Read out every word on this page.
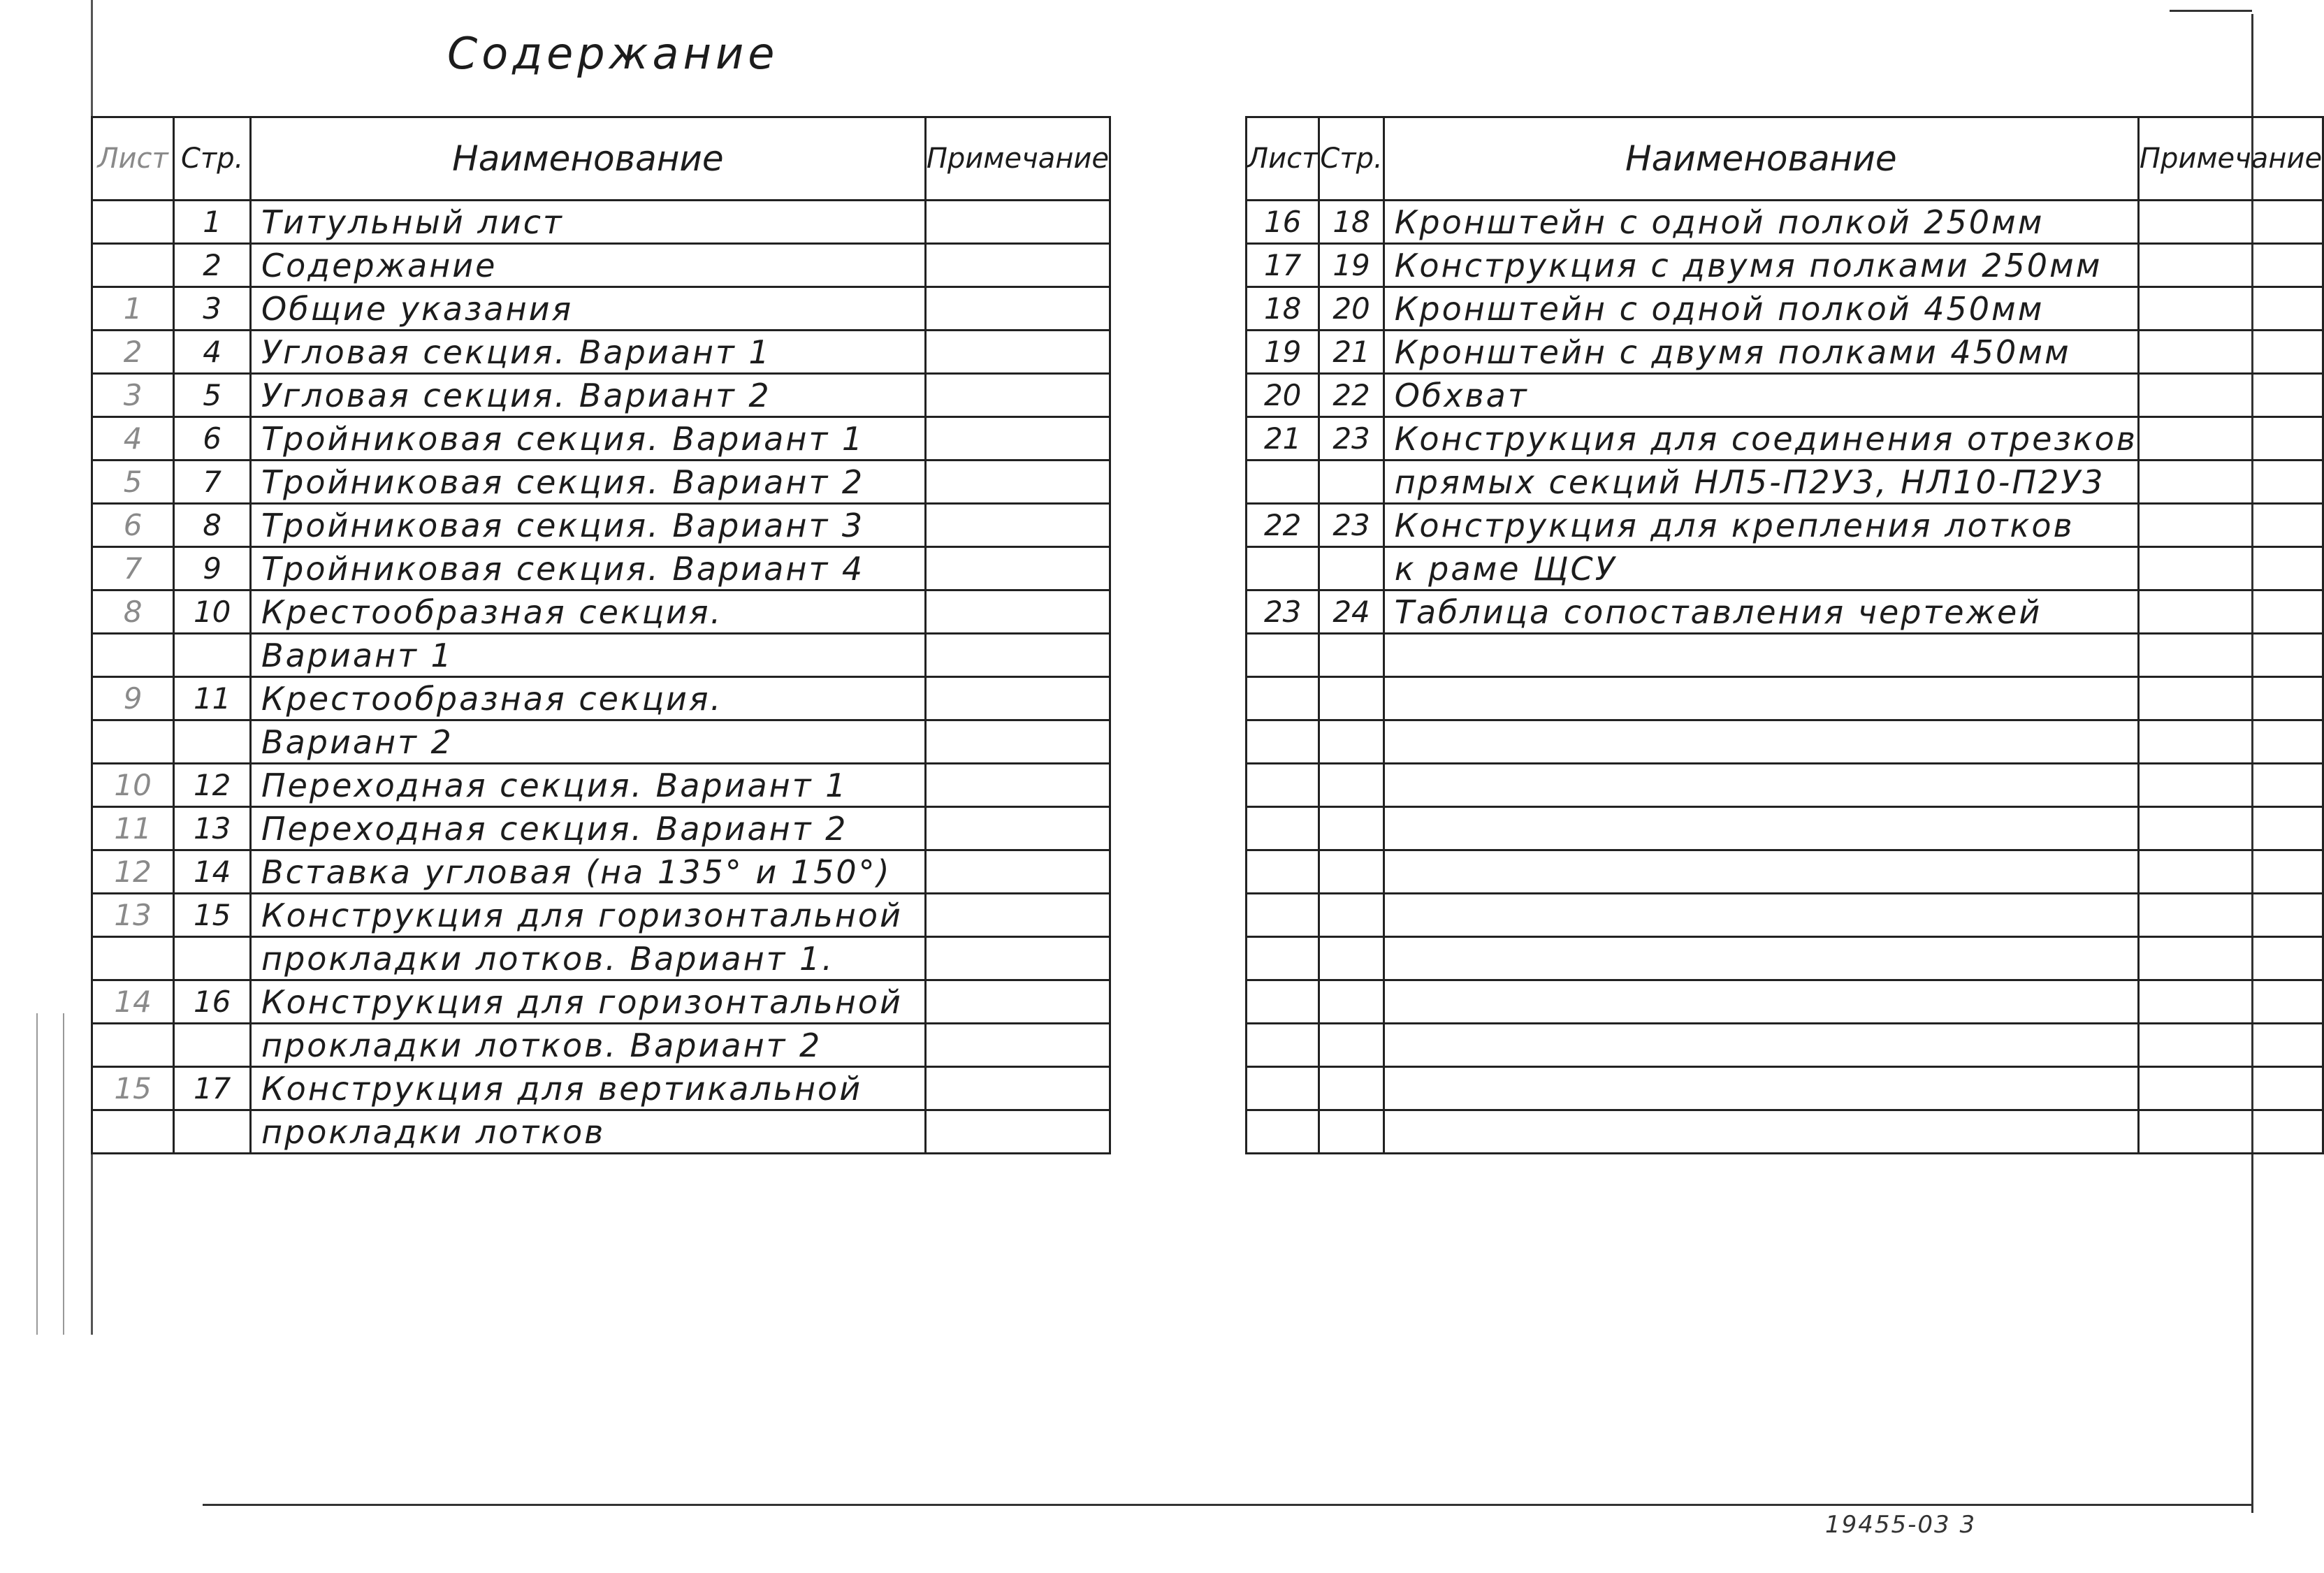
Содержание
Лист	Стр.	Наименование	Примечание
	1	Титульный лист	
	2	Содержание	
1	3	Общие указания	
2	4	Угловая секция. Вариант 1	
3	5	Угловая секция. Вариант 2	
4	6	Тройниковая секция. Вариант 1	
5	7	Тройниковая секция. Вариант 2	
6	8	Тройниковая секция. Вариант 3	
7	9	Тройниковая секция. Вариант 4	
8	10	Крестообразная секция.	
		Вариант 1	
9	11	Крестообразная секция.	
		Вариант 2	
10	12	Переходная секция. Вариант 1	
11	13	Переходная секция. Вариант 2	
12	14	Вставка угловая (на 135° и 150°)	
13	15	Конструкция для горизонтальной	
		прокладки лотков. Вариант 1.	
14	16	Конструкция для горизонтальной	
		прокладки лотков. Вариант 2	
15	17	Конструкция для вертикальной	
		прокладки лотков	
Лист	Стр.	Наименование	Примечание
16	18	Кронштейн с одной полкой 250мм	
17	19	Конструкция с двумя полками 250мм	
18	20	Кронштейн с одной полкой 450мм	
19	21	Кронштейн с двумя полками 450мм	
20	22	Обхват	
21	23	Конструкция для соединения отрезков	
		прямых секций НЛ5-П2У3, НЛ10-П2У3	
22	23	Конструкция для крепления лотков	
		к раме ЩСУ	
23	24	Таблица сопоставления чертежей	

19455-03 3
